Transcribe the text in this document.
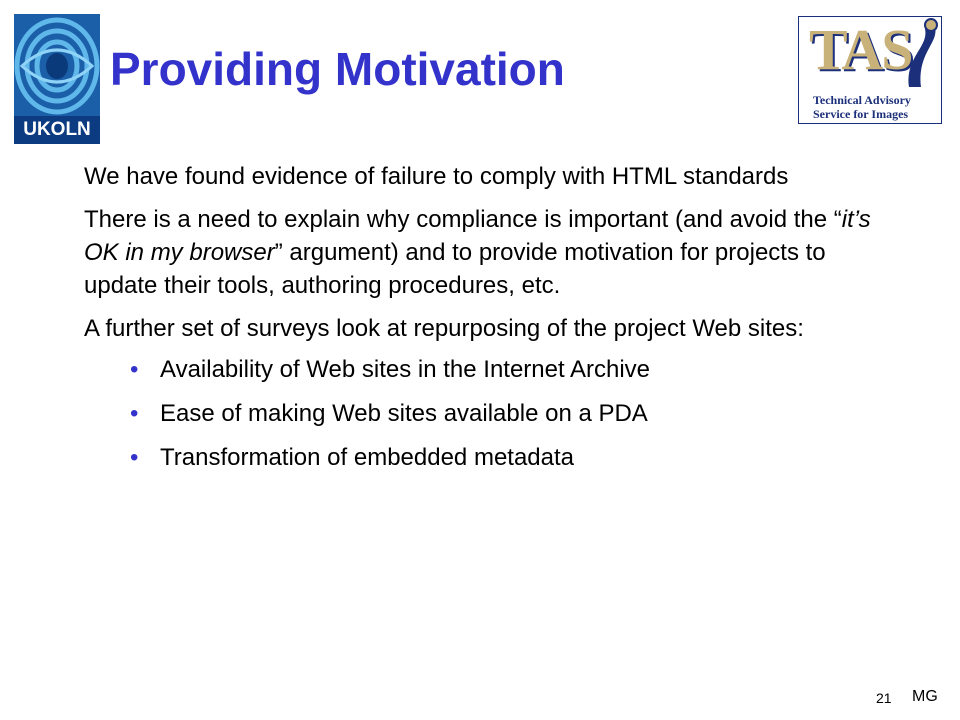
UKOLN
Providing Motivation	TAS
Technical Advisory
Service for Images

We have found evidence of failure to comply with HTML standards

There is a need to explain why compliance is important (and avoid the “it’s OK in my browser” argument) and to provide motivation for projects to update their tools, authoring procedures, etc.

A further set of surveys look at repurposing of the project Web sites:

• Availability of Web sites in the Internet Archive
• Ease of making Web sites available on a PDA
• Transformation of embedded metadata
21 MG
